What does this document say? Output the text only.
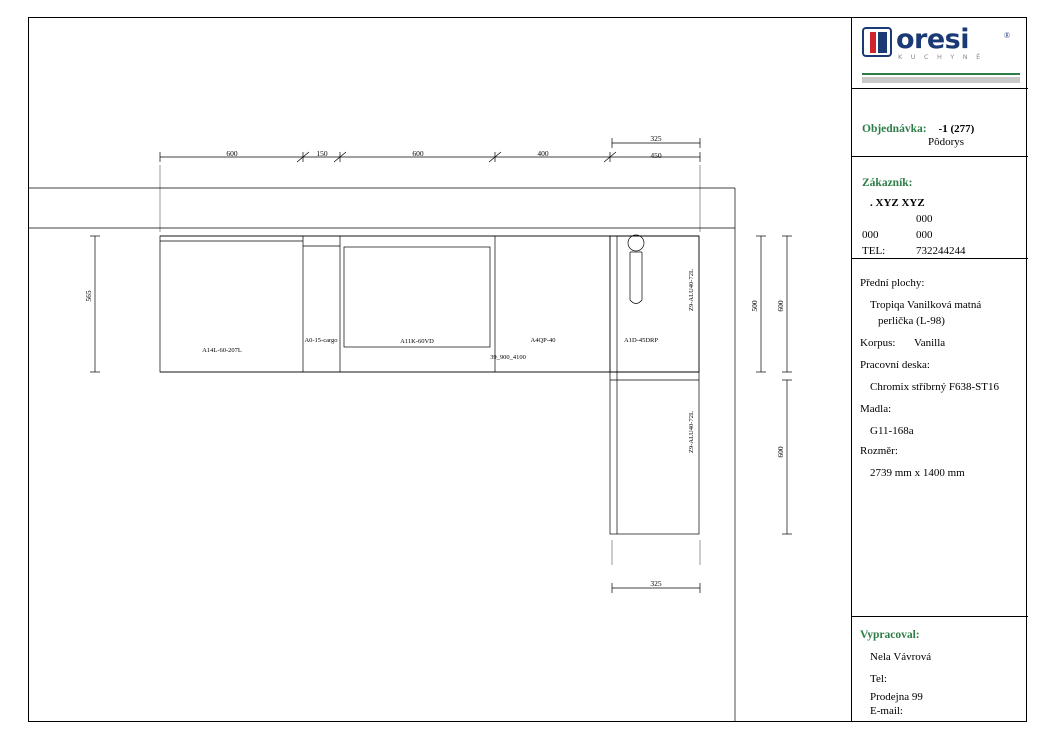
600	150	600	400	450
325
325
565
500 600
600
A14L-60-207L
A0-15-cargo	A11K-60VD	A4QP-40	A1D-45DRP
39_900_4100
Z9-ALU40-72L
Z9-ALU40-72L
oresi	®
K U C H Y N Ě
Objednávka: -1 (277)
Pôdorys
Zákazník:
. XYZ XYZ
000
000	000
TEL:	732244244
Přední plochy:
Tropiqa Vanilková matná
perlička (L-98)
Korpus: Vanilla
Pracovní deska:
Chromix stříbrný F638-ST16
Madla:
G11-168a
Rozměr:
2739 mm x 1400 mm
Vypracoval:
Nela Vávrová
Tel:
Prodejna 99
E-mail:
